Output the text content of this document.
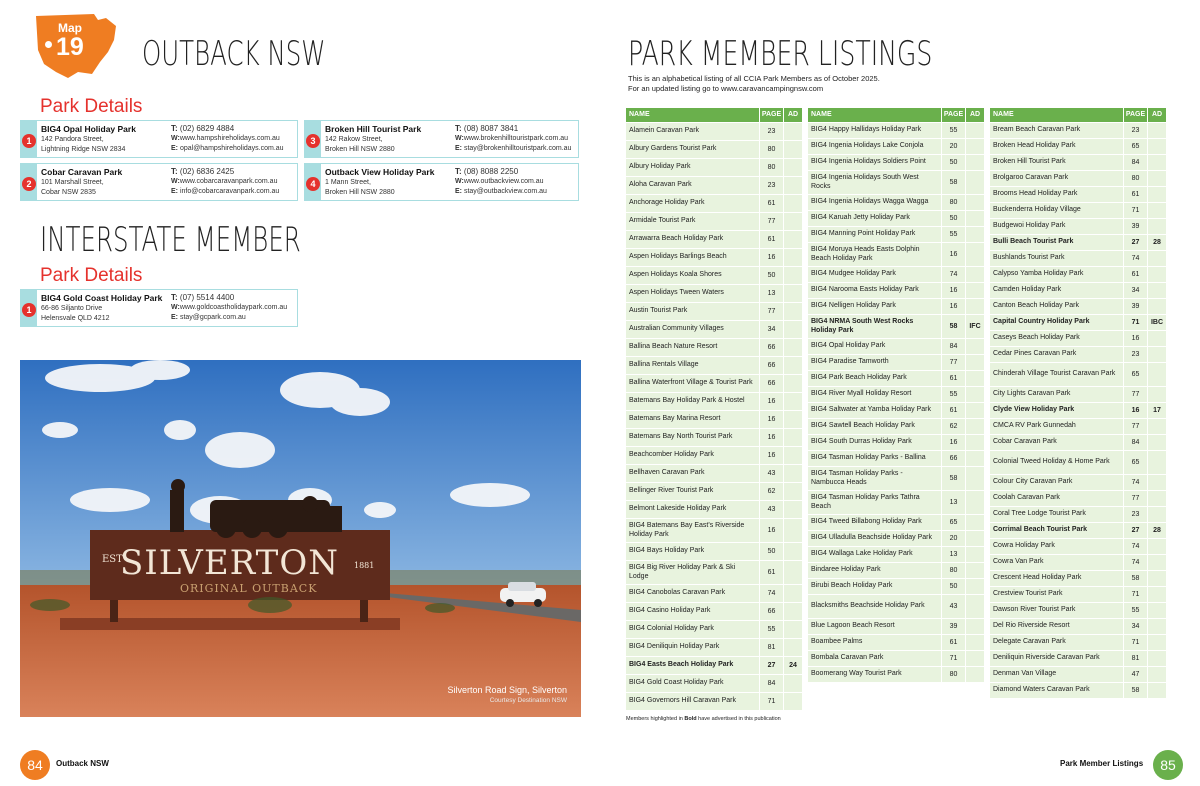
Map
19 OUTBACK NSW
Park Details
1
BIG4 Opal Holiday Park
142 Pandora Street,
Lightning Ridge NSW 2834
T: (02) 6829 4884
W:www.hampshireholidays.com.au
E: opal@hampshireholidays.com.au
2
Cobar Caravan Park
101 Marshall Street,
Cobar NSW 2835
T: (02) 6836 2425
W:www.cobarcaravanpark.com.au
E: info@cobarcaravanpark.com.au
3
Broken Hill Tourist Park
142 Rakow Street,
Broken Hill NSW 2880
T: (08) 8087 3841
W:www.brokenhilltouristpark.com.au
E: stay@brokenhilltouristpark.com.au
4
Outback View Holiday Park
1 Mann Street,
Broken Hill NSW 2880
T: (08) 8088 2250
W:www.outbackview.com.au
E: stay@outbackview.com.au
1
BIG4 Gold Coast Holiday Park
66-86 Siljanto Drive
Helensvale QLD 4212
T: (07) 5514 4400
W:www.goldcoastholidaypark.com.au
E: stay@gcpark.com.au
INTERSTATE MEMBER
Park Details
EST
SILVERTON 1881
ORIGINAL OUTBACK
Silverton Road Sign, Silverton
Courtesy Destination NSW
84	Outback NSW
PARK MEMBER LISTINGS
This is an alphabetical listing of all CCIA Park Members as of October 2025.
For an updated listing go to www.caravancampingnsw.com
NAME	PAGE AD
Alamein Caravan Park	23
Albury Gardens Tourist Park	80
Albury Holiday Park	80
Aloha Caravan Park	23
Anchorage Holiday Park	61
Armidale Tourist Park	77
Arrawarra Beach Holiday Park	61
Aspen Holidays Barlings Beach	16
Aspen Holidays Koala Shores	50
Aspen Holidays Tween Waters	13
Austin Tourist Park	77
Australian Community Villages	34
Ballina Beach Nature Resort	66
Ballina Rentals Village	66
Ballina Waterfront Village & Tourist Park	66
Batemans Bay Holiday Park & Hostel	16
Batemans Bay Marina Resort	16
Batemans Bay North Tourist Park	16
Beachcomber Holiday Park	16
Bellhaven Caravan Park	43
Bellinger River Tourist Park	62
Belmont Lakeside Holiday Park	43
BIG4 Batemans Bay East's Riverside Holiday Park	16
BIG4 Bays Holiday Park	50
BIG4 Big River Holiday Park & Ski Lodge	61
BIG4 Canobolas Caravan Park	74
BIG4 Casino Holiday Park	66
BIG4 Colonial Holiday Park	55
BIG4 Deniliquin Holiday Park	81
BIG4 Easts Beach Holiday Park	27	24
BIG4 Gold Coast Holiday Park	84
BIG4 Governors Hill Caravan Park	71
NAME	PAGE AD
BIG4 Happy Hallidays Holiday Park	55
BIG4 Ingenia Holidays Lake Conjola	20
BIG4 Ingenia Holidays Soldiers Point	50
BIG4 Ingenia Holidays South West Rocks	58
BIG4 Ingenia Holidays Wagga Wagga	80
BIG4 Karuah Jetty Holiday Park	50
BIG4 Manning Point Holiday Park	55
BIG4 Moruya Heads Easts Dolphin Beach Holiday Park	16
BIG4 Mudgee Holiday Park	74
BIG4 Narooma Easts Holiday Park	16
BIG4 Nelligen Holiday Park	16
BIG4 NRMA South West Rocks Holiday Park	58	IFC
BIG4 Opal Holiday Park	84
BIG4 Paradise Tamworth	77
BIG4 Park Beach Holiday Park	61
BIG4 River Myall Holiday Resort	55
BIG4 Saltwater at Yamba Holiday Park	61
BIG4 Sawtell Beach Holiday Park	62
BIG4 South Durras Holiday Park	16
BIG4 Tasman Holiday Parks - Ballina	66
BIG4 Tasman Holiday Parks - Nambucca Heads	58
BIG4 Tasman Holiday Parks Tathra Beach	13
BIG4 Tweed Billabong Holiday Park	65
BIG4 Ulladulla Beachside Holiday Park	20
BIG4 Wallaga Lake Holiday Park	13
Bindaree Holiday Park	80
Birubi Beach Holiday Park	50
Blacksmiths Beachside Holiday Park	43
Blue Lagoon Beach Resort	39
Boambee Palms	61
Bombala Caravan Park	71
Boomerang Way Tourist Park	80
NAME	PAGE AD
Bream Beach Caravan Park	23
Broken Head Holiday Park	65
Broken Hill Tourist Park	84
Brolgaroo Caravan Park	80
Brooms Head Holiday Park	61
Buckenderra Holiday Village	71
Budgewoi Holiday Park	39
Bulli Beach Tourist Park	27	28
Bushlands Tourist Park	74
Calypso Yamba Holiday Park	61
Camden Holiday Park	34
Canton Beach Holiday Park	39
Capital Country Holiday Park	71	IBC
Caseys Beach Holiday Park	16
Cedar Pines Caravan Park	23
Chinderah Village Tourist Caravan Park	65
City Lights Caravan Park	77
Clyde View Holiday Park	16	17
CMCA RV Park Gunnedah	77
Cobar Caravan Park	84
Colonial Tweed Holiday & Home Park	65
Colour City Caravan Park	74
Coolah Caravan Park	77
Coral Tree Lodge Tourist Park	23
Corrimal Beach Tourist Park	27	28
Cowra Holiday Park	74
Cowra Van Park	74
Crescent Head Holiday Park	58
Crestview Tourist Park	71
Dawson River Tourist Park	55
Del Rio Riverside Resort	34
Delegate Caravan Park	71
Deniliquin Riverside Caravan Park	81
Denman Van Village	47
Diamond Waters Caravan Park	58
Members highlighted in Bold have advertised in this publication
Park Member Listings	85
